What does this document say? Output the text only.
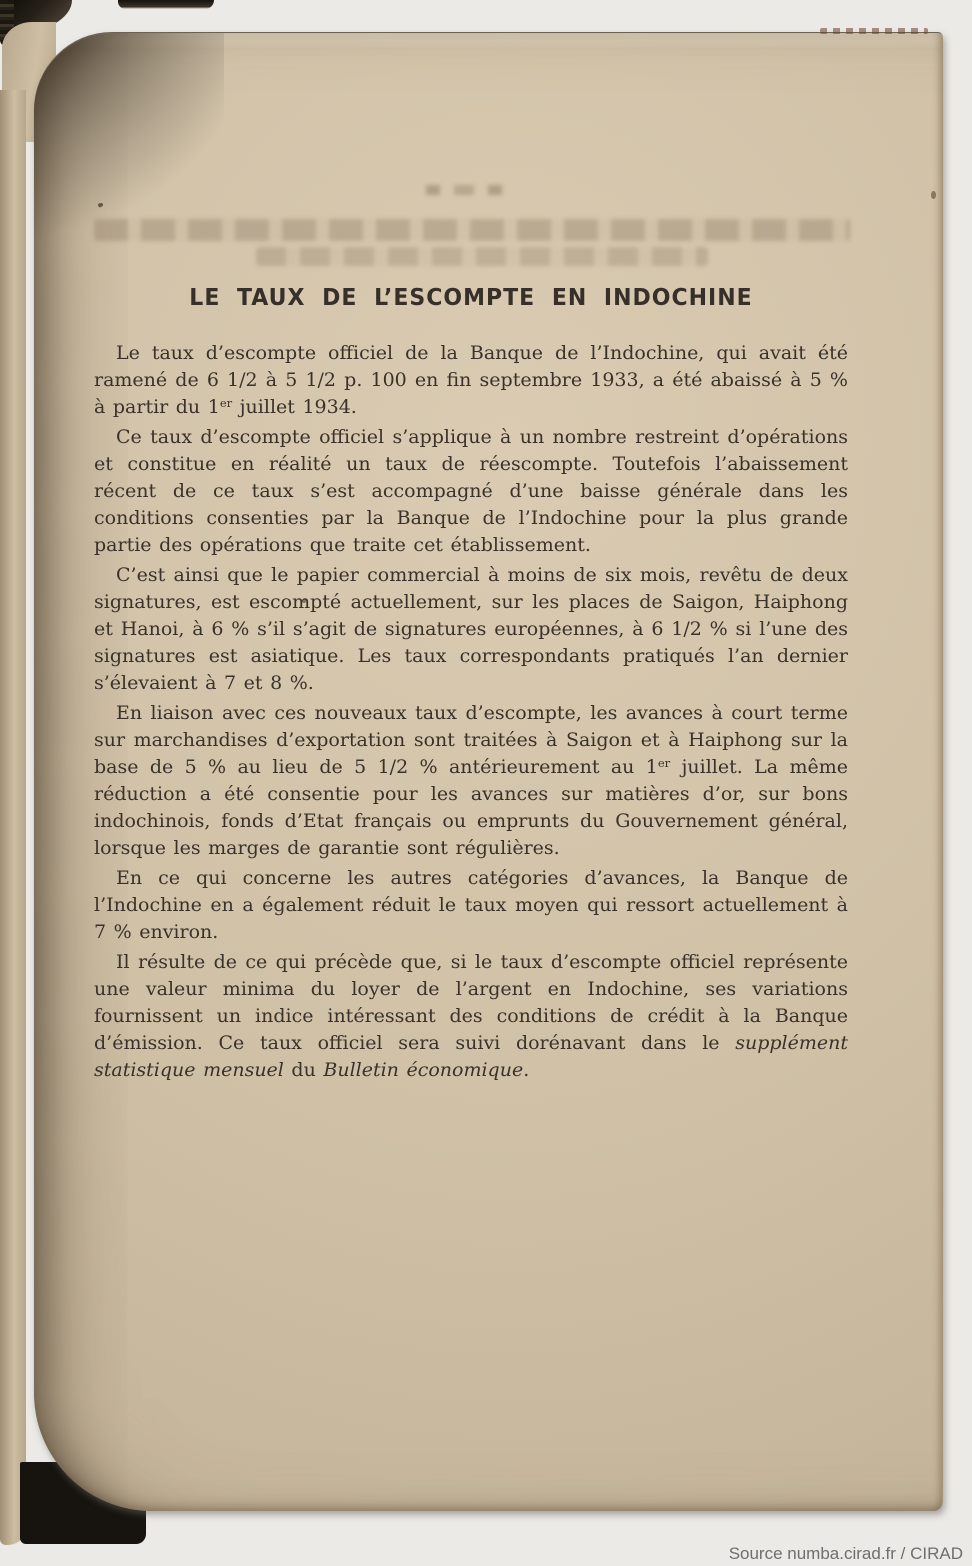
LE TAUX DE L’ESCOMPTE EN INDOCHINE

Le taux d’escompte officiel de la Banque de l’Indochine, qui avait été ramené de 6 1/2 à 5 1/2 p. 100 en fin septembre 1933, a été abaissé à 5 % à partir du 1er juillet 1934.

Ce taux d’escompte officiel s’applique à un nombre restreint d’opérations et constitue en réalité un taux de réescompte. Toutefois l’abaissement récent de ce taux s’est accompagné d’une baisse générale dans les conditions consenties par la Banque de l’Indochine pour la plus grande partie des opérations que traite cet établissement.

C’est ainsi que le papier commercial à moins de six mois, revêtu de deux signatures, est escompté actuellement, sur les places de Saigon, Haiphong et Hanoi, à 6 % s’il s’agit de signatures européennes, à 6 1/2 % si l’une des signatures est asiatique. Les taux correspondants pratiqués l’an dernier s’élevaient à 7 et 8 %.

En liaison avec ces nouveaux taux d’escompte, les avances à court terme sur marchandises d’exportation sont traitées à Saigon et à Haiphong sur la base de 5 % au lieu de 5 1/2 % antérieurement au 1er juillet. La même réduction a été consentie pour les avances sur matières d’or, sur bons indochinois, fonds d’Etat français ou emprunts du Gouvernement général, lorsque les marges de garantie sont régulières.

En ce qui concerne les autres catégories d’avances, la Banque de l’Indochine en a également réduit le taux moyen qui ressort actuellement à 7 % environ.

Il résulte de ce qui précède que, si le taux d’escompte officiel représente une valeur minima du loyer de l’argent en Indochine, ses variations fournissent un indice intéressant des conditions de crédit à la Banque d’émission. Ce taux officiel sera suivi dorénavant dans le supplément statistique mensuel du Bulletin économique.

Source numba.cirad.fr / CIRAD
